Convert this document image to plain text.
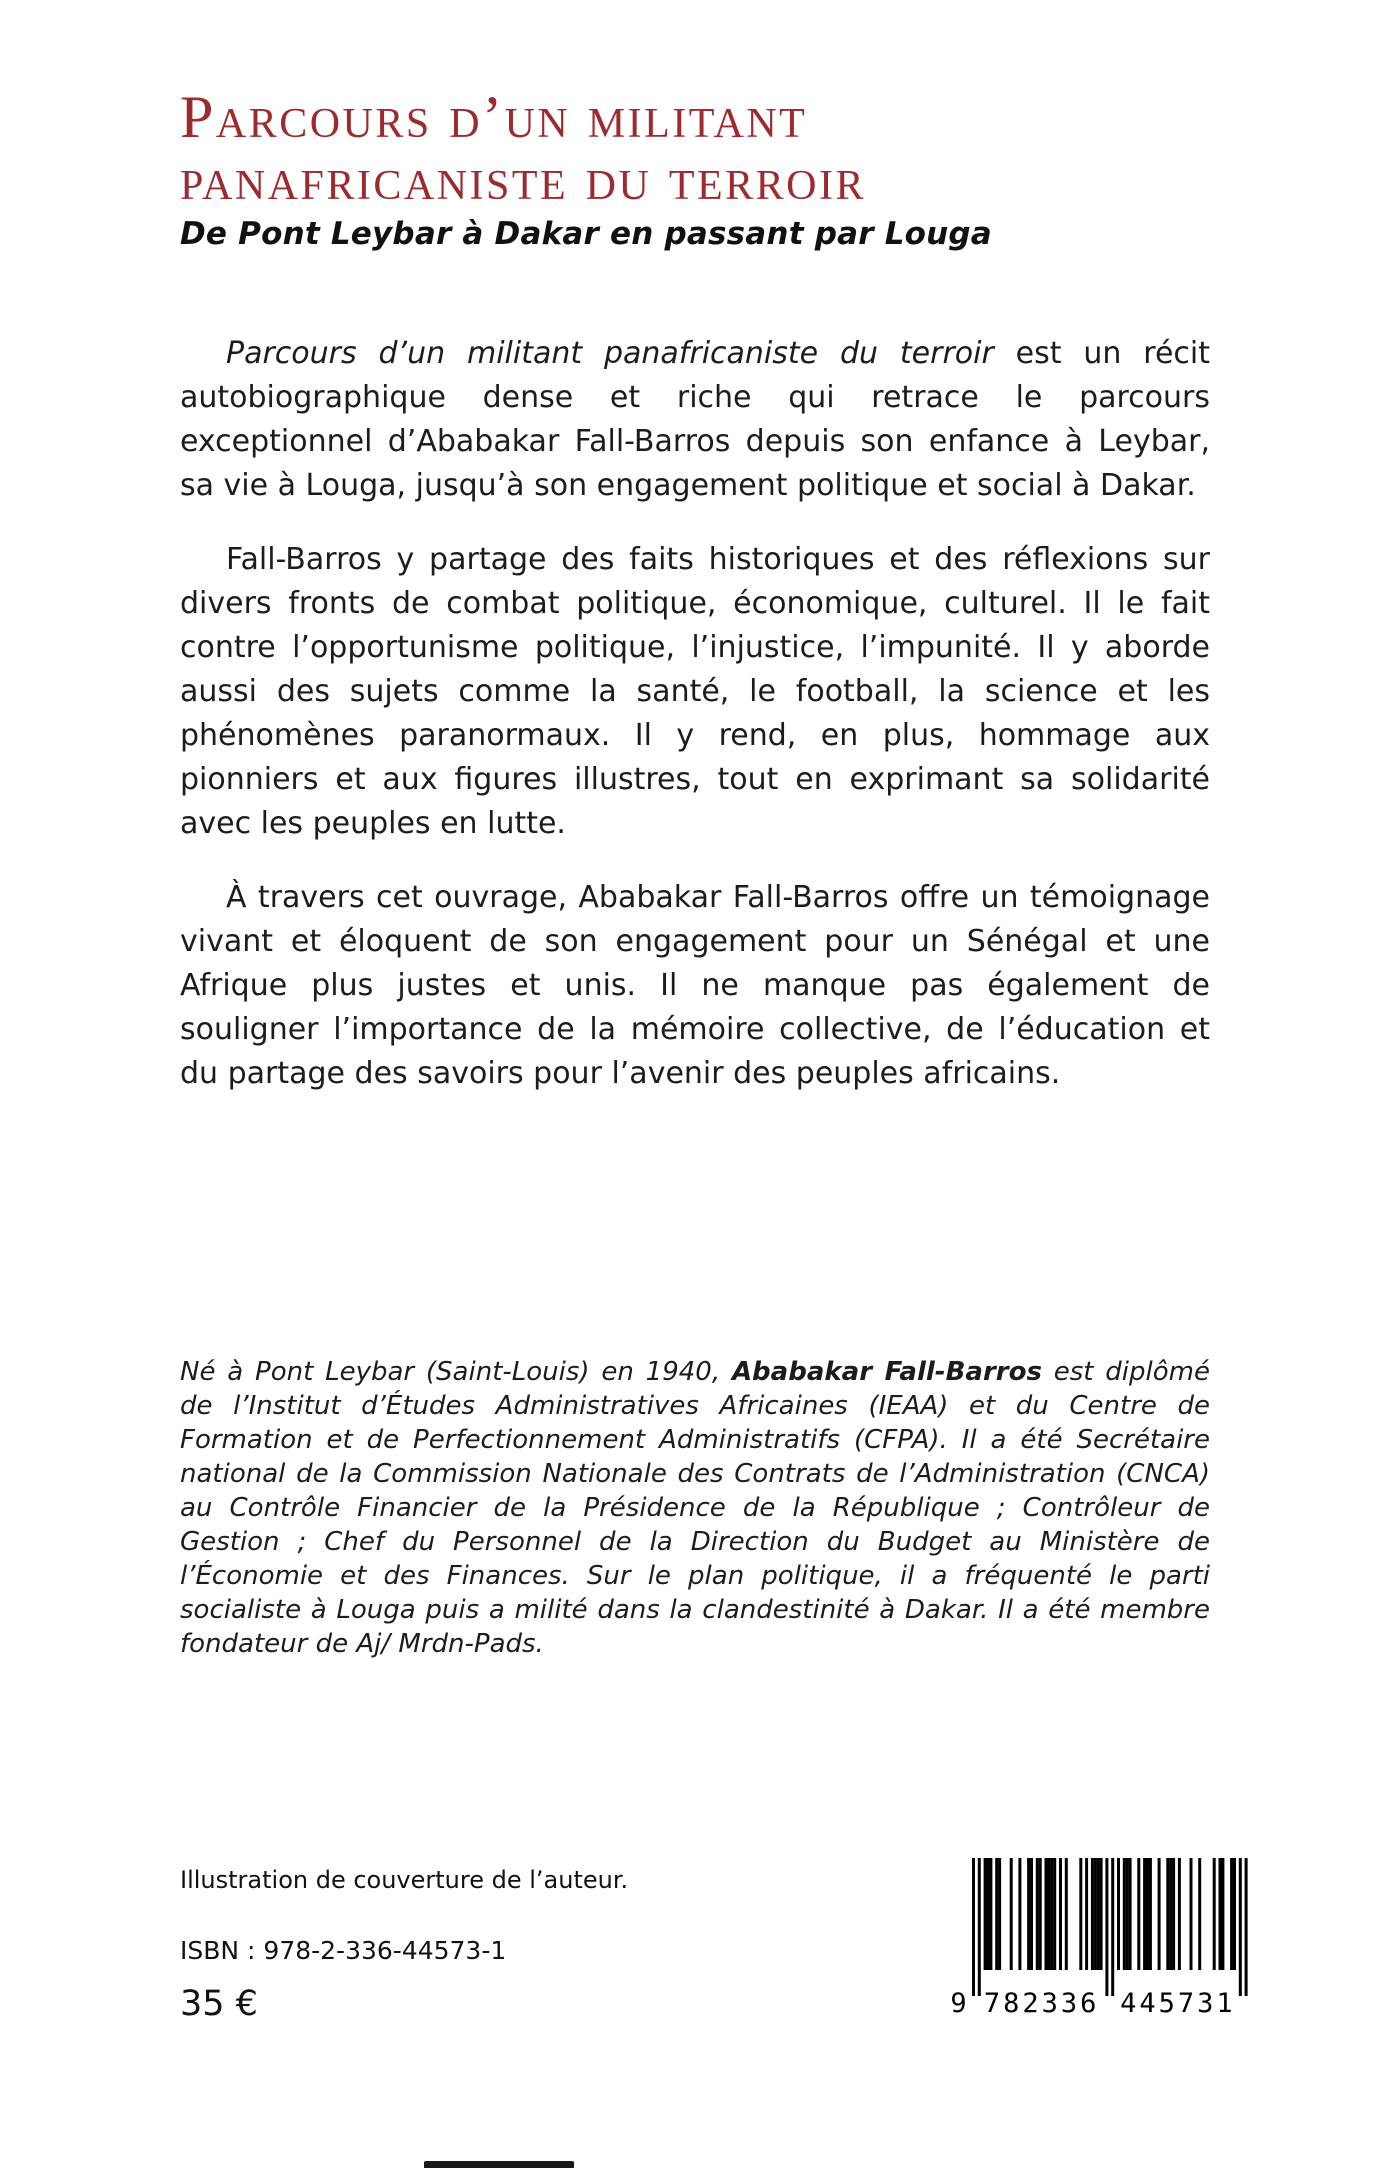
Parcours d’un militant
panafricaniste du terroir
De Pont Leybar à Dakar en passant par Louga

Parcours d’un militant panafricaniste du terroir est un récit autobiographique dense et riche qui retrace le parcours exceptionnel d’Ababakar Fall-Barros depuis son enfance à Leybar, sa vie à Louga, jusqu’à son engagement politique et social à Dakar.

Fall-Barros y partage des faits historiques et des réflexions sur divers fronts de combat politique, économique, culturel. Il le fait contre l’opportunisme politique, l’injustice, l’impunité. Il y aborde aussi des sujets comme la santé, le football, la science et les phénomènes paranormaux. Il y rend, en plus, hommage aux pionniers et aux figures illustres, tout en exprimant sa solidarité avec les peuples en lutte.

À travers cet ouvrage, Ababakar Fall-Barros offre un témoignage vivant et éloquent de son engagement pour un Sénégal et une Afrique plus justes et unis. Il ne manque pas également de souligner l’importance de la mémoire collective, de l’éducation et du partage des savoirs pour l’avenir des peuples africains.

Né à Pont Leybar (Saint-Louis) en 1940, Ababakar Fall-Barros est diplômé de l’Institut d’Études Administratives Africaines (IEAA) et du Centre de Formation et de Perfectionnement Administratifs (CFPA). Il a été Secrétaire national de la Commission Nationale des Contrats de l’Administration (CNCA) au Contrôle Financier de la Présidence de la République ; Contrôleur de Gestion ; Chef du Personnel de la Direction du Budget au Ministère de l’Économie et des Finances. Sur le plan politique, il a fréquenté le parti socialiste à Louga puis a milité dans la clandestinité à Dakar. Il a été membre fondateur de Aj/ Mrdn-Pads.
Illustration de couverture de l’auteur.
ISBN : 978-2-336-44573-1
35 €	9 782336 445731
